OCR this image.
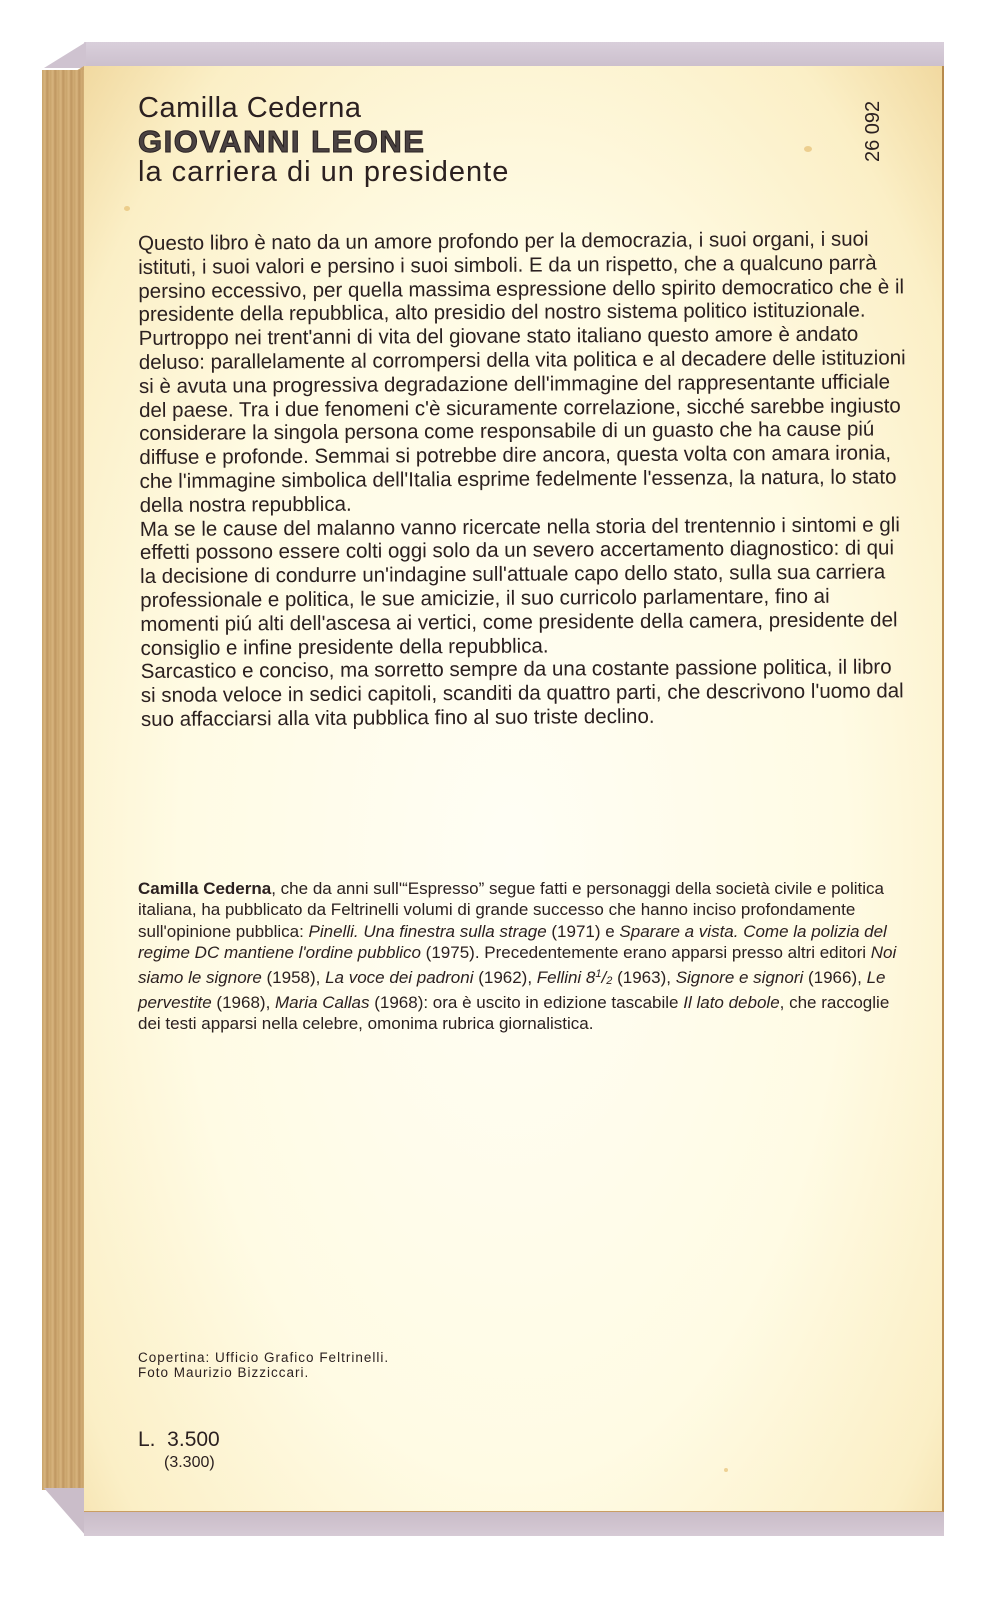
Camilla Cederna
GIOVANNI LEONE
la carriera di un presidente
26 092

Questo libro è nato da un amore profondo per la democrazia, i suoi organi, i suoi istituti, i suoi valori e persino i suoi simboli. E da un rispetto, che a qualcuno parrà persino eccessivo, per quella massima espressione dello spirito democratico che è il presidente della repubblica, alto presidio del nostro sistema politico istituzionale.

Purtroppo nei trent'anni di vita del giovane stato italiano questo amore è andato deluso: parallelamente al corrompersi della vita politica e al decadere delle istituzioni si è avuta una progressiva degradazione dell'immagine del rappresentante ufficiale del paese. Tra i due fenomeni c'è sicuramente correlazione, sicché sarebbe ingiusto considerare la singola persona come responsabile di un guasto che ha cause piú diffuse e profonde. Semmai si potrebbe dire ancora, questa volta con amara ironia, che l'immagine simbolica dell'Italia esprime fedelmente l'essenza, la natura, lo stato della nostra repubblica.

Ma se le cause del malanno vanno ricercate nella storia del trentennio i sintomi e gli effetti possono essere colti oggi solo da un severo accertamento diagnostico: di qui la decisione di condurre un'indagine sull'attuale capo dello stato, sulla sua carriera professionale e politica, le sue amicizie, il suo curricolo parlamentare, fino ai momenti piú alti dell'ascesa ai vertici, come presidente della camera, presidente del consiglio e infine presidente della repubblica.

Sarcastico e conciso, ma sorretto sempre da una costante passione politica, il libro si snoda veloce in sedici capitoli, scanditi da quattro parti, che descrivono l'uomo dal suo affacciarsi alla vita pubblica fino al suo triste declino.

Camilla Cederna, che da anni sull'“Espresso” segue fatti e personaggi della società civile e politica italiana, ha pubblicato da Feltrinelli volumi di grande successo che hanno inciso profondamente sull'opinione pubblica: Pinelli. Una finestra sulla strage (1971) e Sparare a vista. Come la polizia del regime DC mantiene l'ordine pubblico (1975). Precedentemente erano apparsi presso altri editori Noi siamo le signore (1958), La voce dei padroni (1962), Fellini $8^1/2$ (1963), Signore e signori (1966), Le pervestite (1968), Maria Callas (1968): ora è uscito in edizione tascabile Il lato debole, che raccoglie dei testi apparsi nella celebre, omonima rubrica giornalistica.
Copertina: Ufficio Grafico Feltrinelli.
Foto Maurizio Bizziccari.
L.  3.500
(3.300)
